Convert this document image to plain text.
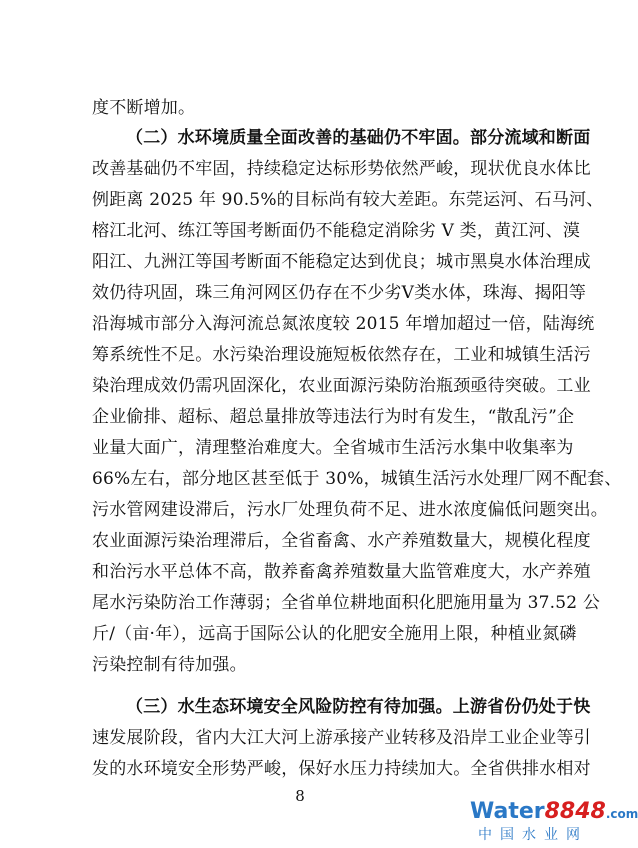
度不断增加。
（二）水环境质量全面改善的基础仍不牢固。部分流域和断面
改善基础仍不牢固，持续稳定达标形势依然严峻，现状优良水体比
例距离 2025 年 90.5%的目标尚有较大差距。东莞运河、石马河、
榕江北河、练江等国考断面仍不能稳定消除劣 V 类，黄江河、漠
阳江、九洲江等国考断面不能稳定达到优良；城市黑臭水体治理成
效仍待巩固，珠三角河网区仍存在不少劣V类水体，珠海、揭阳等
沿海城市部分入海河流总氮浓度较 2015 年增加超过一倍，陆海统
筹系统性不足。水污染治理设施短板依然存在，工业和城镇生活污
染治理成效仍需巩固深化，农业面源污染防治瓶颈亟待突破。工业
企业偷排、超标、超总量排放等违法行为时有发生，“散乱污”企
业量大面广，清理整治难度大。全省城市生活污水集中收集率为
66%左右，部分地区甚至低于 30%，城镇生活污水处理厂网不配套、
污水管网建设滞后，污水厂处理负荷不足、进水浓度偏低问题突出。
农业面源污染治理滞后，全省畜禽、水产养殖数量大，规模化程度
和治污水平总体不高，散养畜禽养殖数量大监管难度大，水产养殖
尾水污染防治工作薄弱；全省单位耕地面积化肥施用量为 37.52 公
斤/（亩·年），远高于国际公认的化肥安全施用上限，种植业氮磷
污染控制有待加强。
（三）水生态环境安全风险防控有待加强。上游省份仍处于快
速发展阶段，省内大江大河上游承接产业转移及沿岸工业企业等引
发的水环境安全形势严峻，保好水压力持续加大。全省供排水相对
8
Water8848.com
中国水业网
